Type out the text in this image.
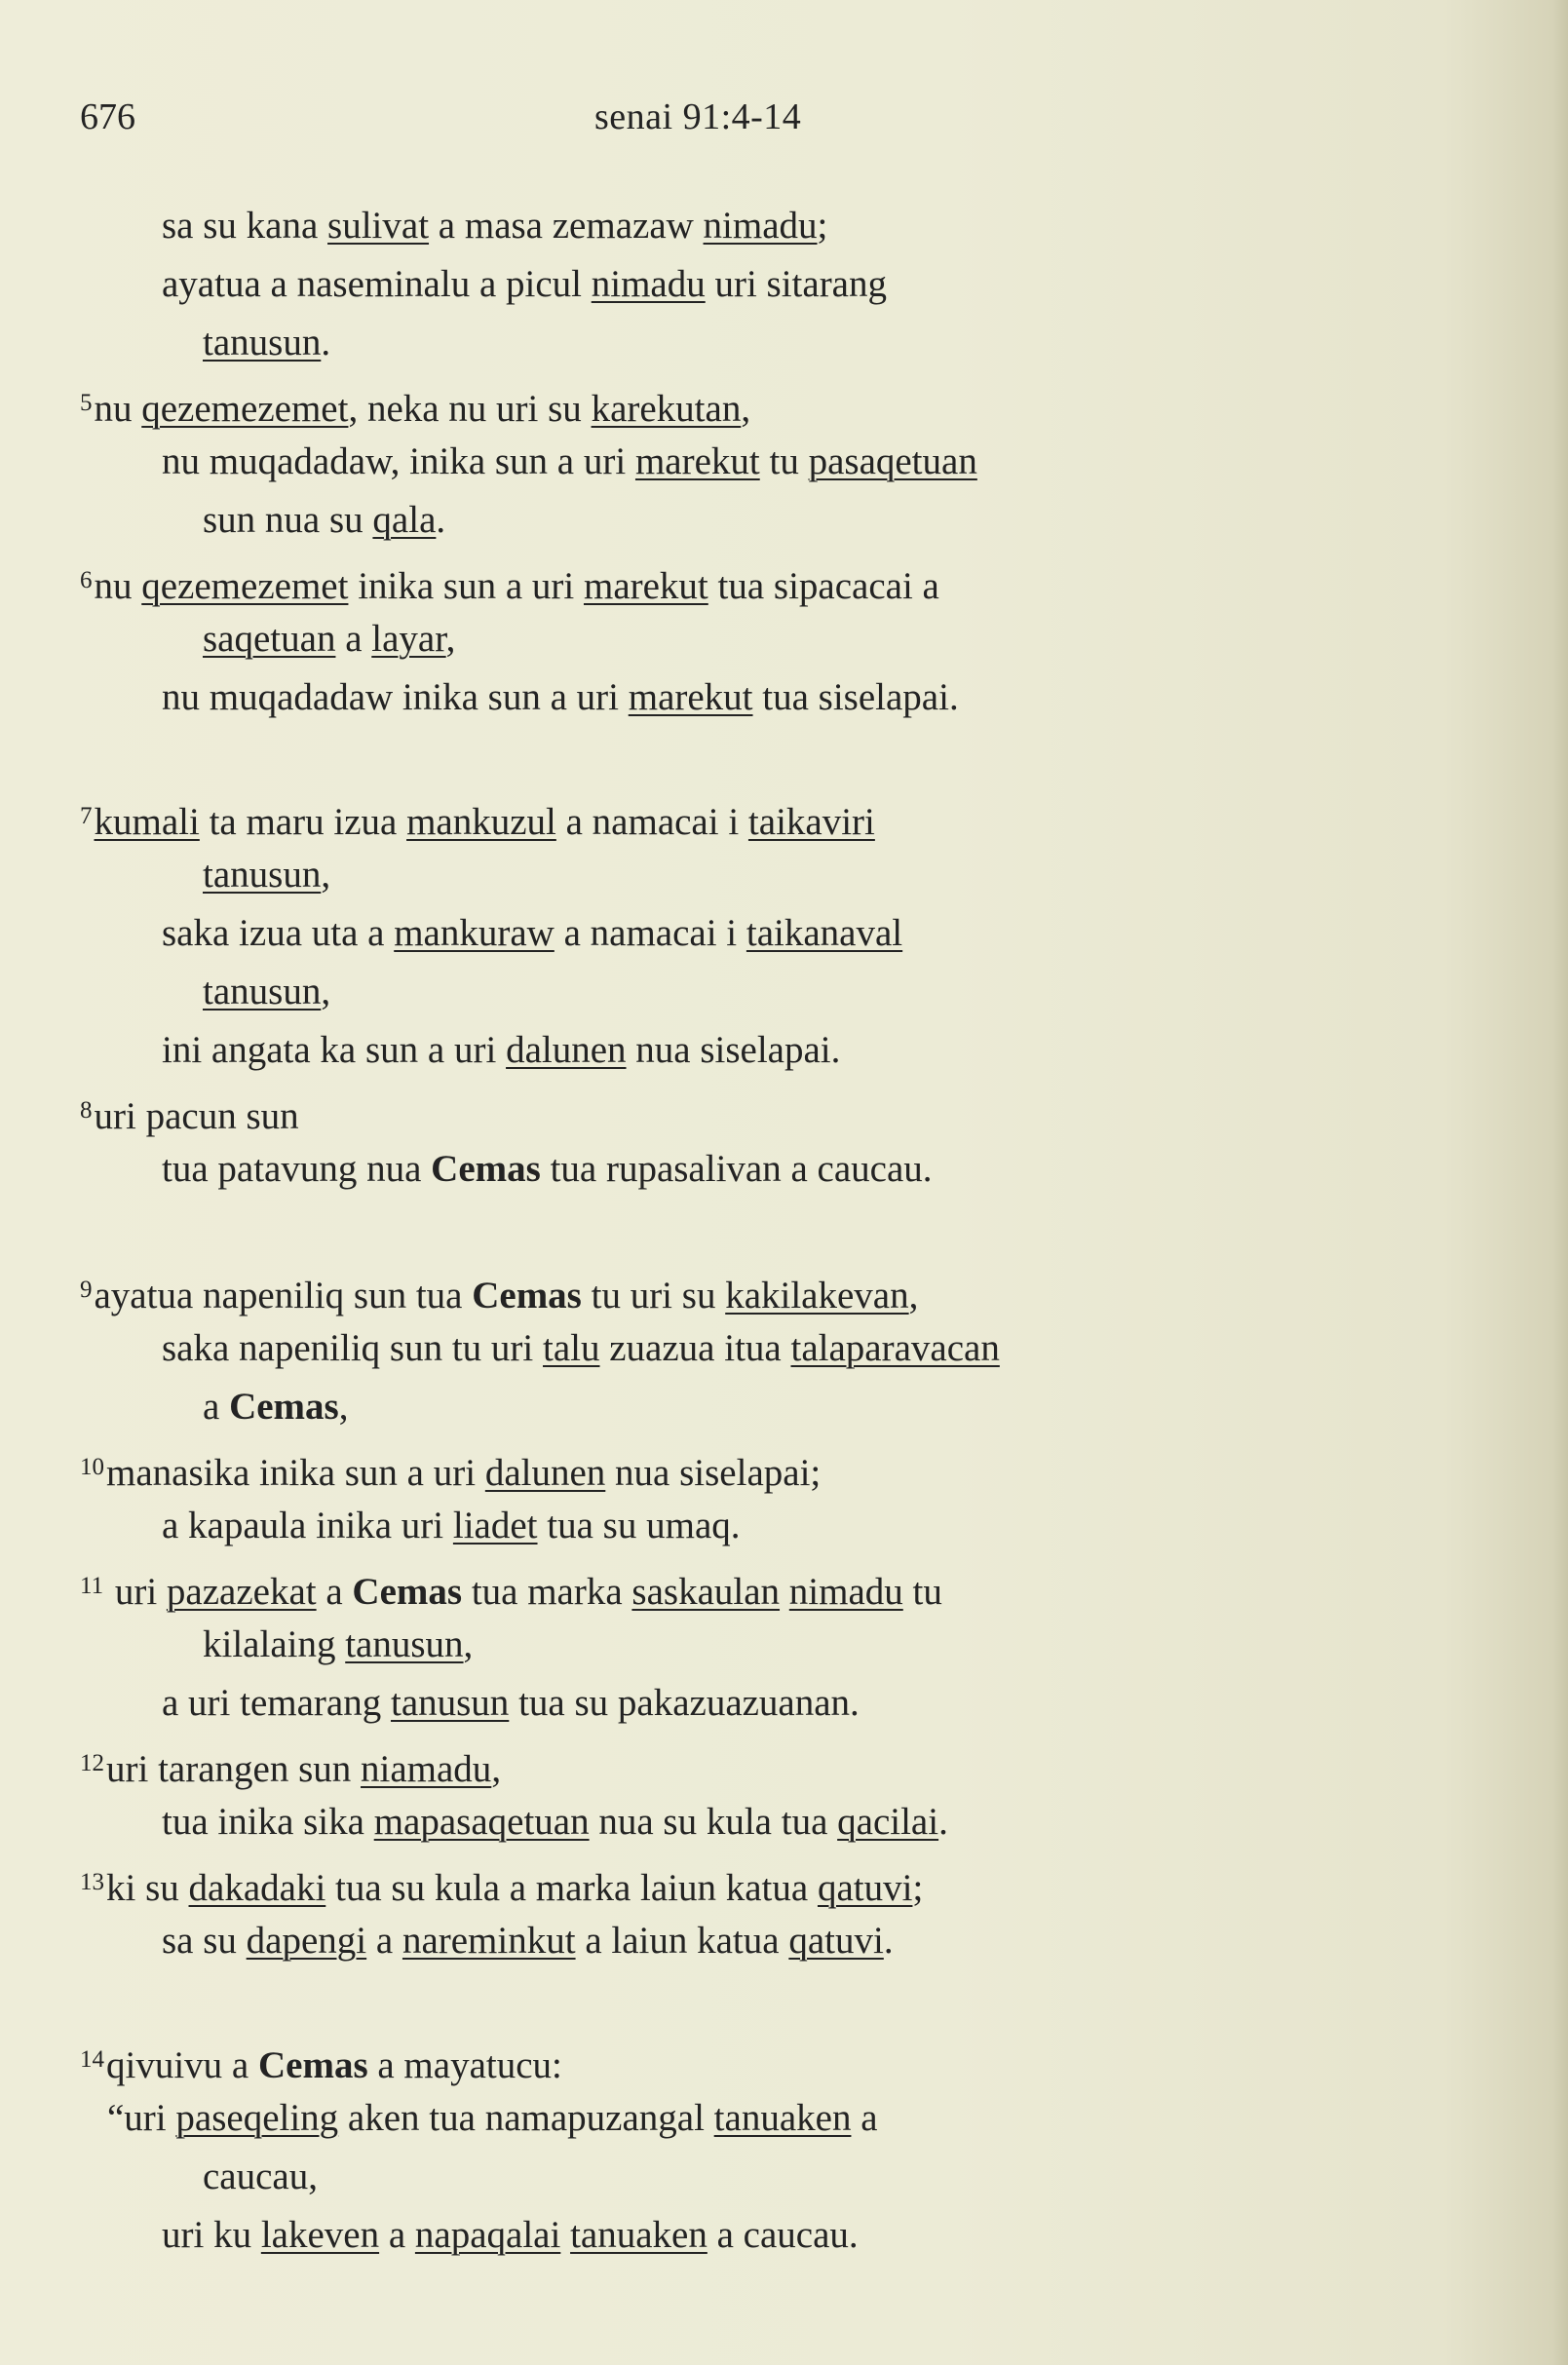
676	senai 91:4-14
sa su kana sulivat a masa zemazaw nimadu;
ayatua a naseminalu a picul nimadu uri sitarang
tanusun.
$^5$nu qezemezemet, neka nu uri su karekutan,
nu muqadadaw, inika sun a uri marekut tu pasaqetuan
sun nua su qala.
$^6$nu qezemezemet inika sun a uri marekut tua sipacacai a
saqetuan a layar,
nu muqadadaw inika sun a uri marekut tua siselapai.
$^7$kumali ta maru izua mankuzul a namacai i taikaviri
tanusun,
saka izua uta a mankuraw a namacai i taikanaval
tanusun,
ini angata ka sun a uri dalunen nua siselapai.
$^8$uri pacun sun
tua patavung nua Cemas tua rupasalivan a caucau.
$^9$ayatua napeniliq sun tua Cemas tu uri su kakilakevan,
saka napeniliq sun tu uri talu zuazua itua talaparavacan
a Cemas,
$^{10}$manasika inika sun a uri dalunen nua siselapai;
a kapaula inika uri liadet tua su umaq.
$^{11}$ uri pazazekat a Cemas tua marka saskaulan nimadu tu
kilalaing tanusun,
a uri temarang tanusun tua su pakazuazuanan.
$^{12}$uri tarangen sun niamadu,
tua inika sika mapasaqetuan nua su kula tua qacilai.
$^{13}$ki su dakadaki tua su kula a marka laiun katua qatuvi;
sa su dapengi a nareminkut a laiun katua qatuvi.
$^{14}$qivuivu a Cemas a mayatucu:
“uri paseqeling aken tua namapuzangal tanuaken a
caucau,
uri ku lakeven a napaqalai tanuaken a caucau.
